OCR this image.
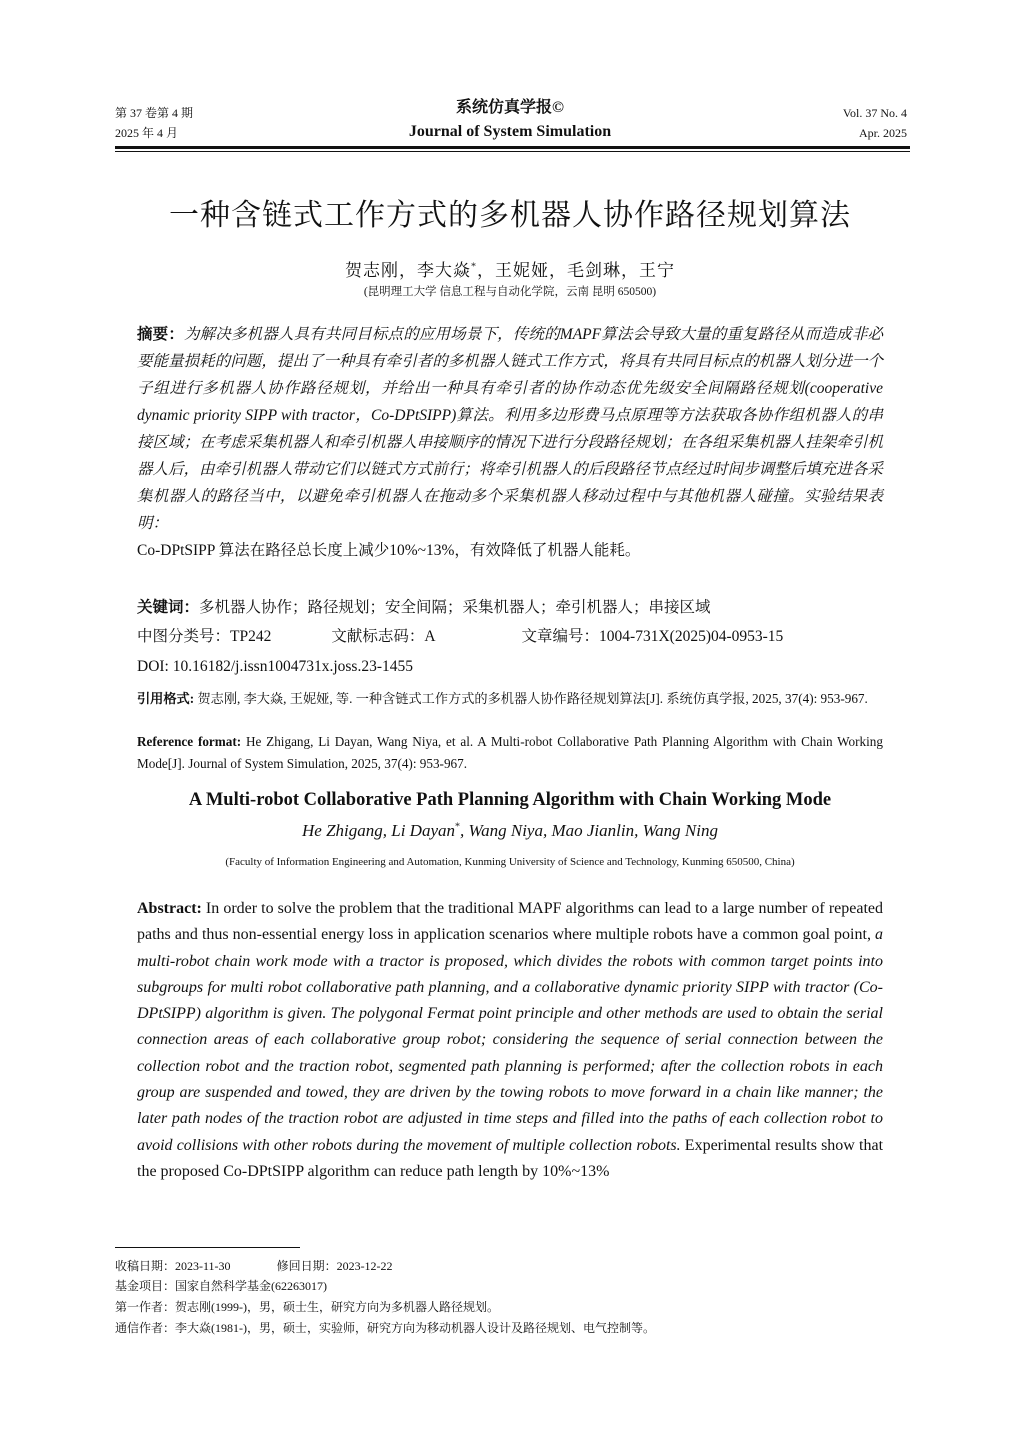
第 37 卷第 4 期
2025 年 4 月
系统仿真学报©
Journal of System Simulation
Vol. 37 No. 4
Apr. 2025
一种含链式工作方式的多机器人协作路径规划算法
贺志刚，李大焱*，王妮娅，毛剑琳，王宁
(昆明理工大学 信息工程与自动化学院，云南 昆明 650500)
摘要：为解决多机器人具有共同目标点的应用场景下，传统的MAPF算法会导致大量的重复路径从而造成非必要能量损耗的问题，提出了一种具有牵引者的多机器人链式工作方式，将具有共同目标点的机器人划分进一个子组进行多机器人协作路径规划，并给出一种具有牵引者的协作动态优先级安全间隔路径规划(cooperative dynamic priority SIPP with tractor，Co-DPtSIPP)算法。利用多边形费马点原理等方法获取各协作组机器人的串接区域；在考虑采集机器人和牵引机器人串接顺序的情况下进行分段路径规划；在各组采集机器人挂架牵引机器人后，由牵引机器人带动它们以链式方式前行；将牵引机器人的后段路径节点经过时间步调整后填充进各采集机器人的路径当中，以避免牵引机器人在拖动多个采集机器人移动过程中与其他机器人碰撞。实验结果表明：
Co-DPtSIPP 算法在路径总长度上减少10%~13%，有效降低了机器人能耗。
关键词：多机器人协作；路径规划；安全间隔；采集机器人；牵引机器人；串接区域
中图分类号：TP242	文献标志码：A	文章编号：1004-731X(2025)04-0953-15
DOI: 10.16182/j.issn1004731x.joss.23-1455
引用格式: 贺志刚, 李大焱, 王妮娅, 等. 一种含链式工作方式的多机器人协作路径规划算法[J]. 系统仿真学报, 2025, 37(4): 953-967.
Reference format: He Zhigang, Li Dayan, Wang Niya, et al. A Multi-robot Collaborative Path Planning Algorithm with Chain Working Mode[J]. Journal of System Simulation, 2025, 37(4): 953-967.
A Multi-robot Collaborative Path Planning Algorithm with Chain Working Mode
He Zhigang, Li Dayan*, Wang Niya, Mao Jianlin, Wang Ning
(Faculty of Information Engineering and Automation, Kunming University of Science and Technology, Kunming 650500, China)
Abstract: In order to solve the problem that the traditional MAPF algorithms can lead to a large number of repeated paths and thus non-essential energy loss in application scenarios where multiple robots have a common goal point, a multi-robot chain work mode with a tractor is proposed, which divides the robots with common target points into subgroups for multi robot collaborative path planning, and a collaborative dynamic priority SIPP with tractor (Co-DPtSIPP) algorithm is given. The polygonal Fermat point principle and other methods are used to obtain the serial connection areas of each collaborative group robot; considering the sequence of serial connection between the collection robot and the traction robot, segmented path planning is performed; after the collection robots in each group are suspended and towed, they are driven by the towing robots to move forward in a chain like manner; the later path nodes of the traction robot are adjusted in time steps and filled into the paths of each collection robot to avoid collisions with other robots during the movement of multiple collection robots. Experimental results show that the proposed Co-DPtSIPP algorithm can reduce path length by 10%~13%
收稿日期：2023-11-30	修回日期：2023-12-22
基金项目：国家自然科学基金(62263017)
第一作者：贺志刚(1999-)，男，硕士生，研究方向为多机器人路径规划。
通信作者：李大焱(1981-)，男，硕士，实验师，研究方向为移动机器人设计及路径规划、电气控制等。
